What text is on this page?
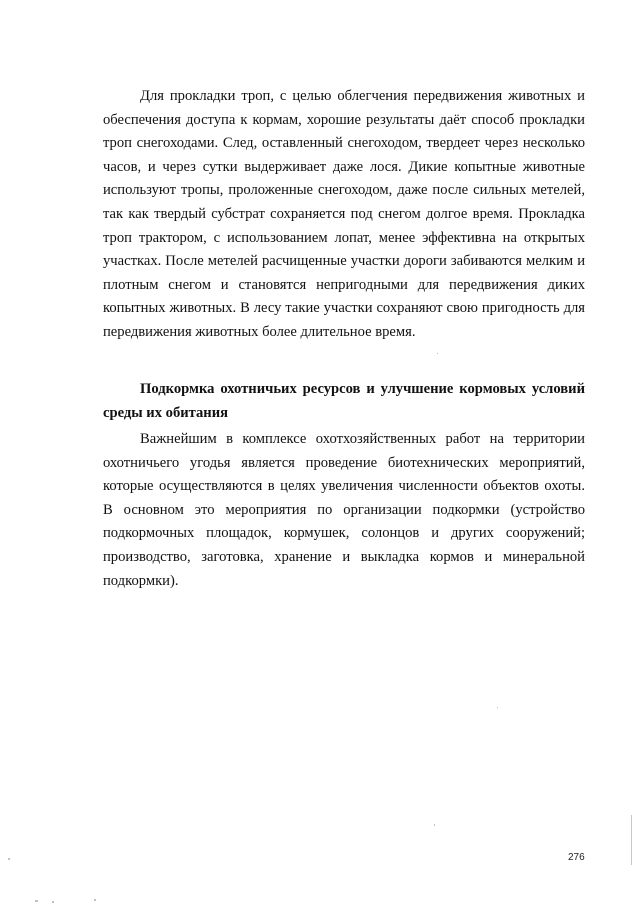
Для прокладки троп, с целью облегчения передвижения животных и обеспечения доступа к кормам, хорошие результаты даёт способ прокладки троп снегоходами. След, оставленный снегоходом, твердеет через несколько часов, и через сутки выдерживает даже лося. Дикие копытные животные используют тропы, проложенные снегоходом, даже после сильных метелей, так как твердый субстрат сохраняется под снегом долгое время. Прокладка троп трактором, с использованием лопат, менее эффективна на открытых участках. После метелей расчищенные участки дороги забиваются мелким и плотным снегом и становятся непригодными для передвижения диких копытных животных. В лесу такие участки сохраняют свою пригодность для передвижения животных более длительное время.

Подкормка охотничьих ресурсов и улучшение кормовых условий среды их обитания

Важнейшим в комплексе охотхозяйственных работ на территории охотничьего угодья является проведение биотехнических мероприятий, которые осуществляются в целях увеличения численности объектов охоты. В основном это мероприятия по организации подкормки (устройство подкормочных площадок, кормушек, солонцов и других сооружений; производство, заготовка, хранение и выкладка кормов и минеральной подкормки).

276
